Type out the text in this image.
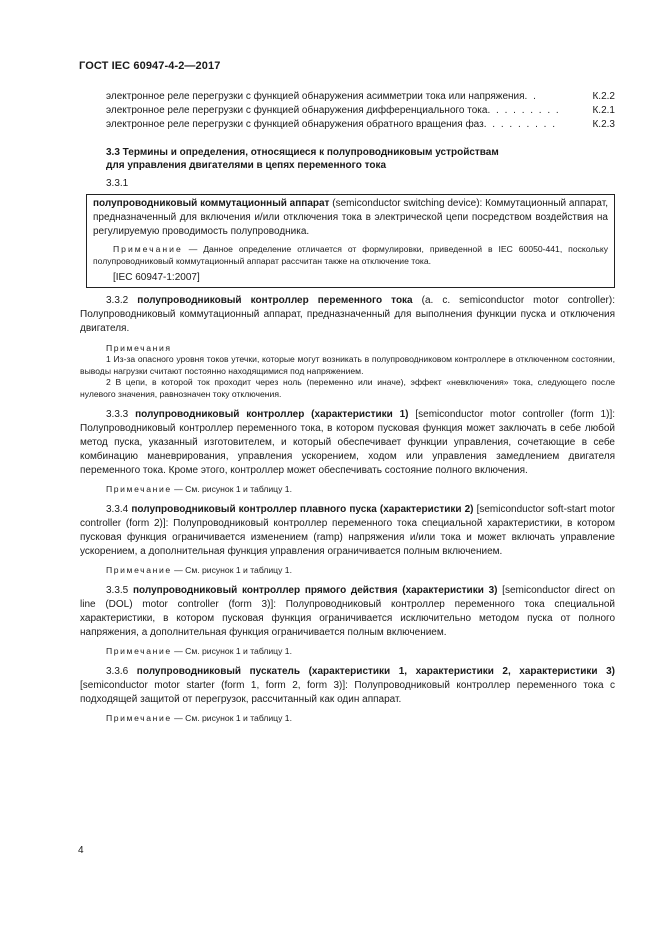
ГОСТ IEC 60947-4-2—2017
электронное реле перегрузки с функцией обнаружения асимметрии тока или напряжения . .	К.2.2
электронное реле перегрузки с функцией обнаружения дифференциального тока . . . . . . . . .	К.2.1
электронное реле перегрузки с функцией обнаружения обратного вращения фаз . . . . . . . . .	К.2.3
3.3 Термины и определения, относящиеся к полупроводниковым устройствам
для управления двигателями в цепях переменного тока
3.3.1

полупроводниковый коммутационный аппарат (semiconductor switching device): Коммутационный аппарат, предназначенный для включения и/или отключения тока в электрической цепи посредством воздействия на регулируемую проводимость полупроводника.

Примечание — Данное определение отличается от формулировки, приведенной в IEC 60050-441, поскольку полупроводниковый коммутационный аппарат рассчитан также на отключение тока.

[IEC 60947-1:2007]

3.3.2 полупроводниковый контроллер переменного тока (a. c. semiconductor motor controller): Полупроводниковый коммутационный аппарат, предназначенный для выполнения функции пуска и отключения двигателя.

Примечания

1 Из-за опасного уровня токов утечки, которые могут возникать в полупроводниковом контроллере в отключенном состоянии, выводы нагрузки считают постоянно находящимися под напряжением.

2 В цепи, в которой ток проходит через ноль (переменно или иначе), эффект «невключения» тока, следующего после нулевого значения, равнозначен току отключения.

3.3.3 полупроводниковый контроллер (характеристики 1) [semiconductor motor controller (form 1)]: Полупроводниковый контроллер переменного тока, в котором пусковая функция может заключать в себе любой метод пуска, указанный изготовителем, и который обеспечивает функции управления, сочетающие в себе комбинацию маневрирования, управления ускорением, ходом или управления замедлением двигателя переменного тока. Кроме этого, контроллер может обеспечивать состояние полного включения.

Примечание — См. рисунок 1 и таблицу 1.

3.3.4 полупроводниковый контроллер плавного пуска (характеристики 2) [semiconductor soft-start motor controller (form 2)]: Полупроводниковый контроллер переменного тока специальной характеристики, в котором пусковая функция ограничивается изменением (ramp) напряжения и/или тока и может включать управление ускорением, а дополнительная функция управления ограничивается полным включением.

Примечание — См. рисунок 1 и таблицу 1.

3.3.5 полупроводниковый контроллер прямого действия (характеристики 3) [semiconductor direct on line (DOL) motor controller (form 3)]: Полупроводниковый контроллер переменного тока специальной характеристики, в котором пусковая функция ограничивается исключительно методом пуска от полного напряжения, а дополнительная функция ограничивается полным включением.

Примечание — См. рисунок 1 и таблицу 1.

3.3.6 полупроводниковый пускатель (характеристики 1, характеристики 2, характеристики 3) [semiconductor motor starter (form 1, form 2, form 3)]: Полупроводниковый контроллер переменного тока с подходящей защитой от перегрузок, рассчитанный как один аппарат.

Примечание — См. рисунок 1 и таблицу 1.

4
